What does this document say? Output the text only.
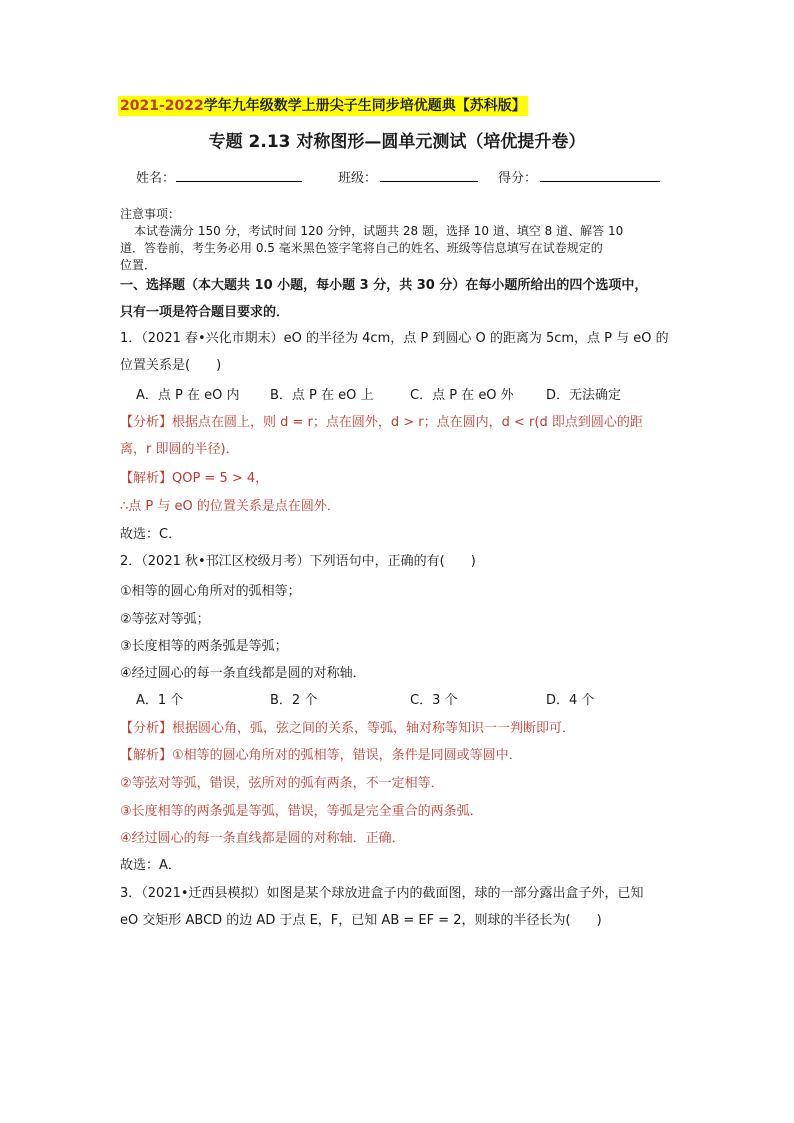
2021-2022学年九年级数学上册尖子生同步培优题典【苏科版】
专题 2.13 对称图形—圆单元测试（培优提升卷）
姓名：	班级：	得分：
注意事项：
本试卷满分 150 分，考试时间 120 分钟，试题共 28 题，选择 10 道、填空 8 道、解答 10
道．答卷前，考生务必用 0.5 毫米黑色签字笔将自己的姓名、班级等信息填写在试卷规定的
位置．
一、选择题（本大题共 10 小题，每小题 3 分，共 30 分）在每小题所给出的四个选项中，
只有一项是符合题目要求的．
1．（2021 春•兴化市期末）eO 的半径为 4cm，点 P 到圆心 O 的距离为 5cm，点 P 与 eO 的
位置关系是(　　)
A．点 P 在 eO 内 B．点 P 在 eO 上	C．点 P 在 eO 外 D．无法确定
【分析】根据点在圆上，则 d = r；点在圆外，d > r；点在圆内，d < r(d 即点到圆心的距
离，r 即圆的半径)．
【解析】QOP = 5 > 4，
∴点 P 与 eO 的位置关系是点在圆外．
故选：C．
2．（2021 秋•邗江区校级月考）下列语句中，正确的有(　　)
①相等的圆心角所对的弧相等；
②等弦对等弧；
③长度相等的两条弧是等弧；
④经过圆心的每一条直线都是圆的对称轴．
A．1 个	B．2 个	C．3 个	D．4 个
【分析】根据圆心角，弧，弦之间的关系，等弧，轴对称等知识一一判断即可．
【解析】①相等的圆心角所对的弧相等，错误，条件是同圆或等圆中．
②等弦对等弧，错误，弦所对的弧有两条，不一定相等．
③长度相等的两条弧是等弧，错误，等弧是完全重合的两条弧．
④经过圆心的每一条直线都是圆的对称轴．正确．
故选：A．
3．（2021•迁西县模拟）如图是某个球放进盒子内的截面图，球的一部分露出盒子外，已知
eO 交矩形 ABCD 的边 AD 于点 E，F，已知 AB = EF = 2，则球的半径长为(　　)
